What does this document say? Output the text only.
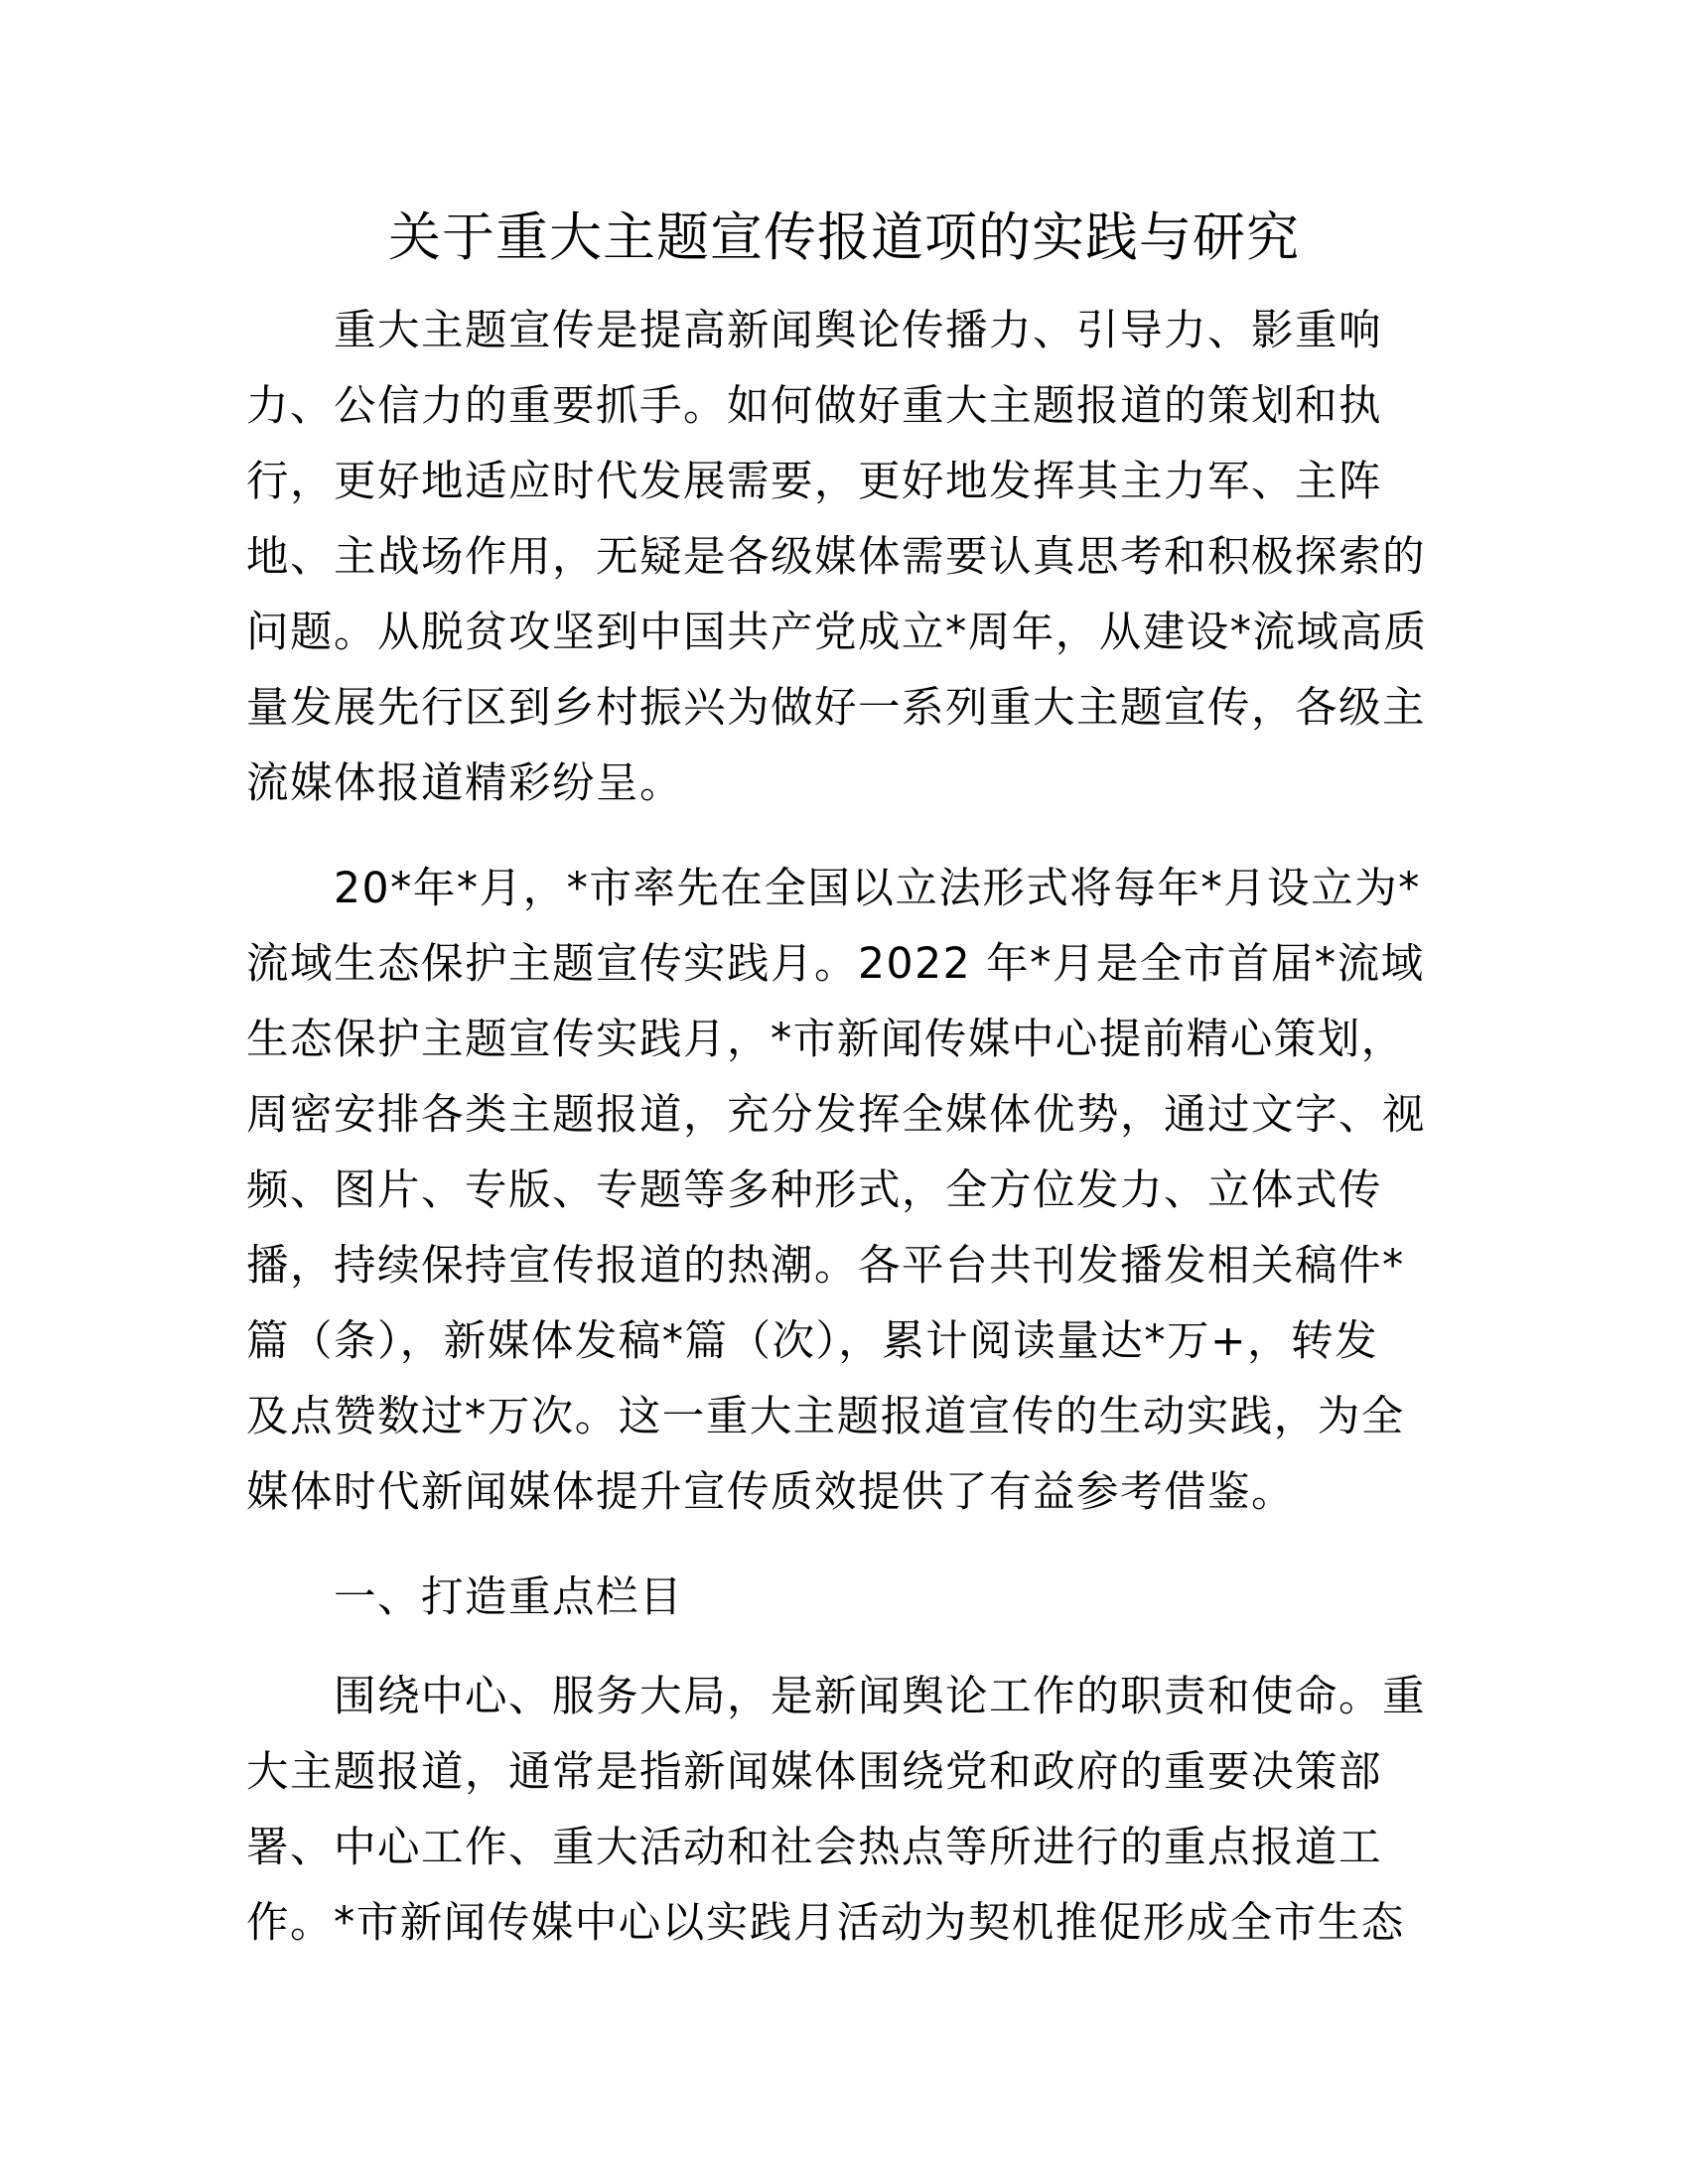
关于重大主题宣传报道项的实践与研究
重大主题宣传是提高新闻舆论传播力、引导力、影重响
力、公信力的重要抓手。如何做好重大主题报道的策划和执
行，更好地适应时代发展需要，更好地发挥其主力军、主阵
地、主战场作用，无疑是各级媒体需要认真思考和积极探索的
问题。从脱贫攻坚到中国共产党成立*周年，从建设*流域高质
量发展先行区到乡村振兴为做好一系列重大主题宣传，各级主
流媒体报道精彩纷呈。
20*年*月，*市率先在全国以立法形式将每年*月设立为*
流域生态保护主题宣传实践月。2022 年*月是全市首届*流域
生态保护主题宣传实践月，*市新闻传媒中心提前精心策划，
周密安排各类主题报道，充分发挥全媒体优势，通过文字、视
频、图片、专版、专题等多种形式，全方位发力、立体式传
播，持续保持宣传报道的热潮。各平台共刊发播发相关稿件*
篇（条），新媒体发稿*篇（次），累计阅读量达*万+，转发
及点赞数过*万次。这一重大主题报道宣传的生动实践，为全
媒体时代新闻媒体提升宣传质效提供了有益参考借鉴。
一、打造重点栏目
围绕中心、服务大局，是新闻舆论工作的职责和使命。重
大主题报道，通常是指新闻媒体围绕党和政府的重要决策部
署、中心工作、重大活动和社会热点等所进行的重点报道工
作。*市新闻传媒中心以实践月活动为契机推促形成全市生态
